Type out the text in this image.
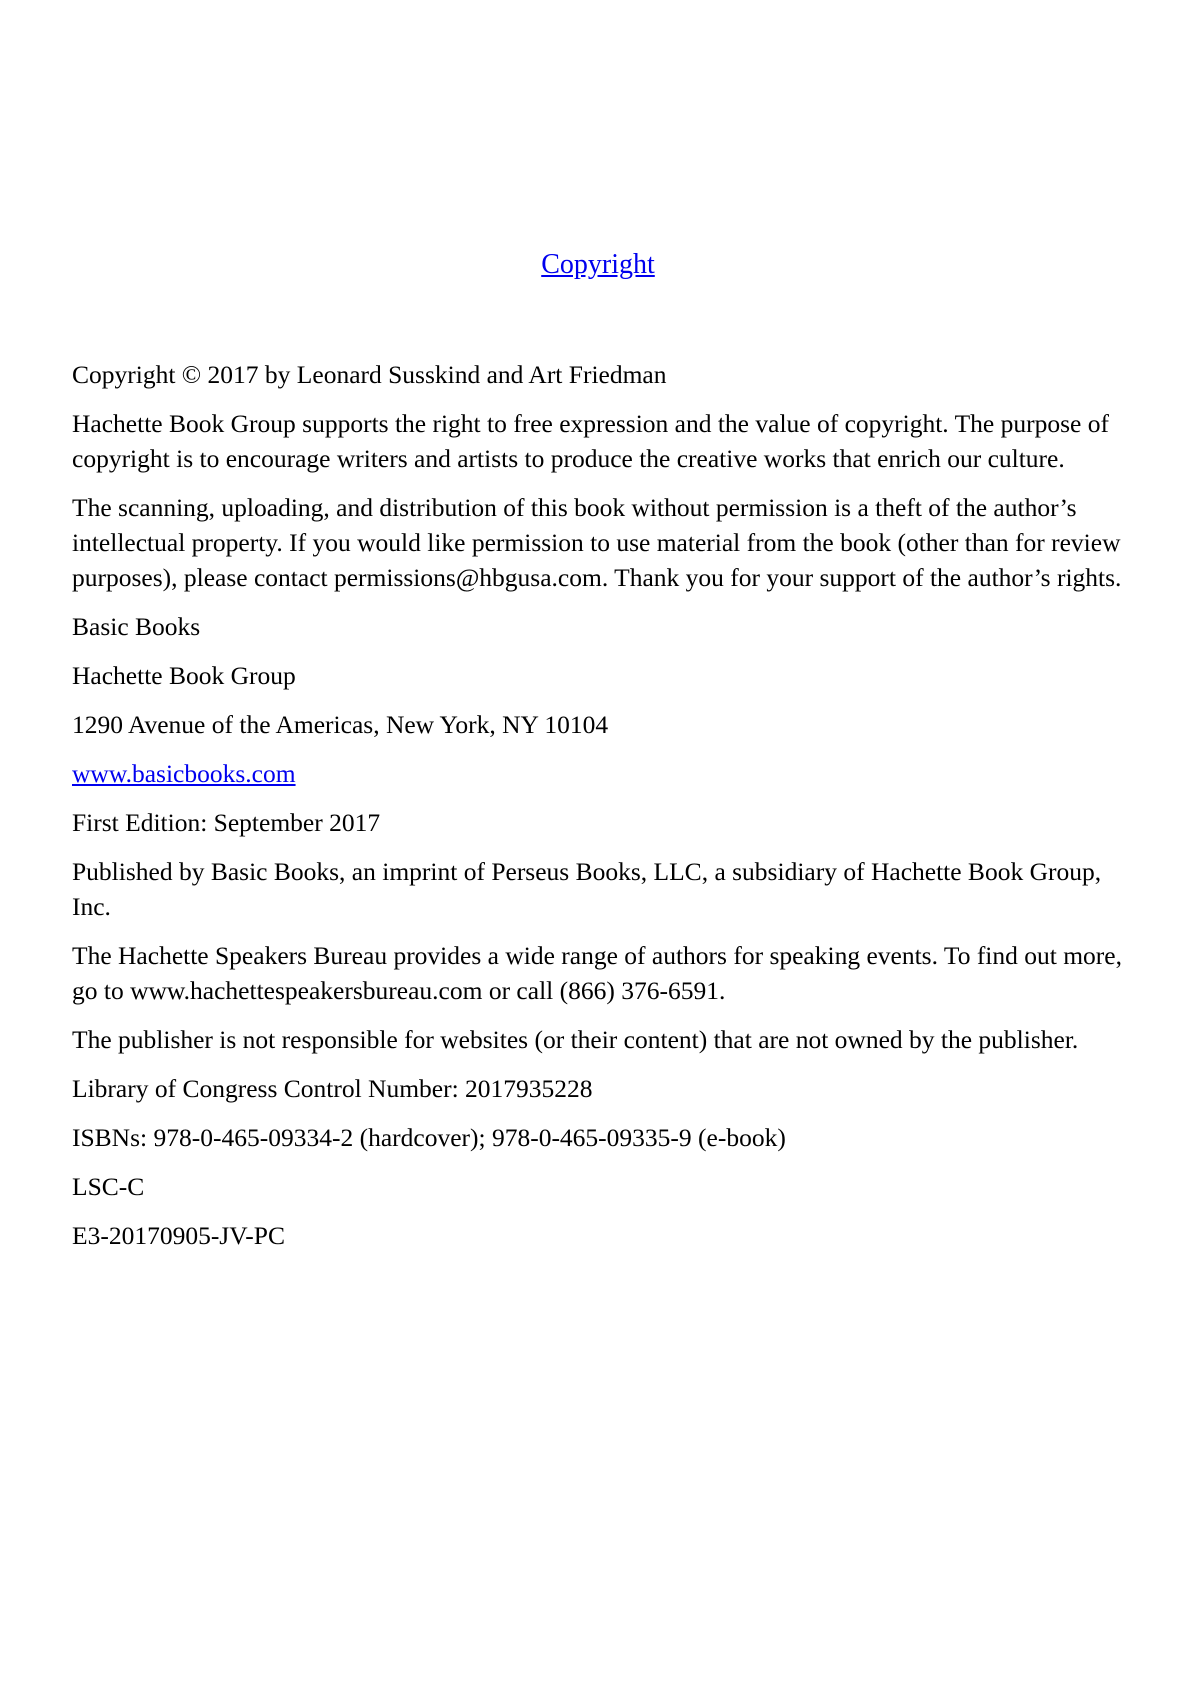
Copyright

Copyright © 2017 by Leonard Susskind and Art Friedman

Hachette Book Group supports the right to free expression and the value of copyright. The purpose of copyright is to encourage writers and artists to produce the creative works that enrich our culture.

The scanning, uploading, and distribution of this book without permission is a theft of the author’s intellectual property. If you would like permission to use material from the book (other than for review purposes), please contact permissions@hbgusa.com. Thank you for your support of the author’s rights.

Basic Books

Hachette Book Group

1290 Avenue of the Americas, New York, NY 10104

www.basicbooks.com

First Edition: September 2017

Published by Basic Books, an imprint of Perseus Books, LLC, a subsidiary of Hachette Book Group, Inc.

The Hachette Speakers Bureau provides a wide range of authors for speaking events. To find out more, go to www.hachettespeakersbureau.com or call (866) 376-6591.

The publisher is not responsible for websites (or their content) that are not owned by the publisher.

Library of Congress Control Number: 2017935228

ISBNs: 978-0-465-09334-2 (hardcover); 978-0-465-09335-9 (e-book)

LSC-C

E3-20170905-JV-PC
